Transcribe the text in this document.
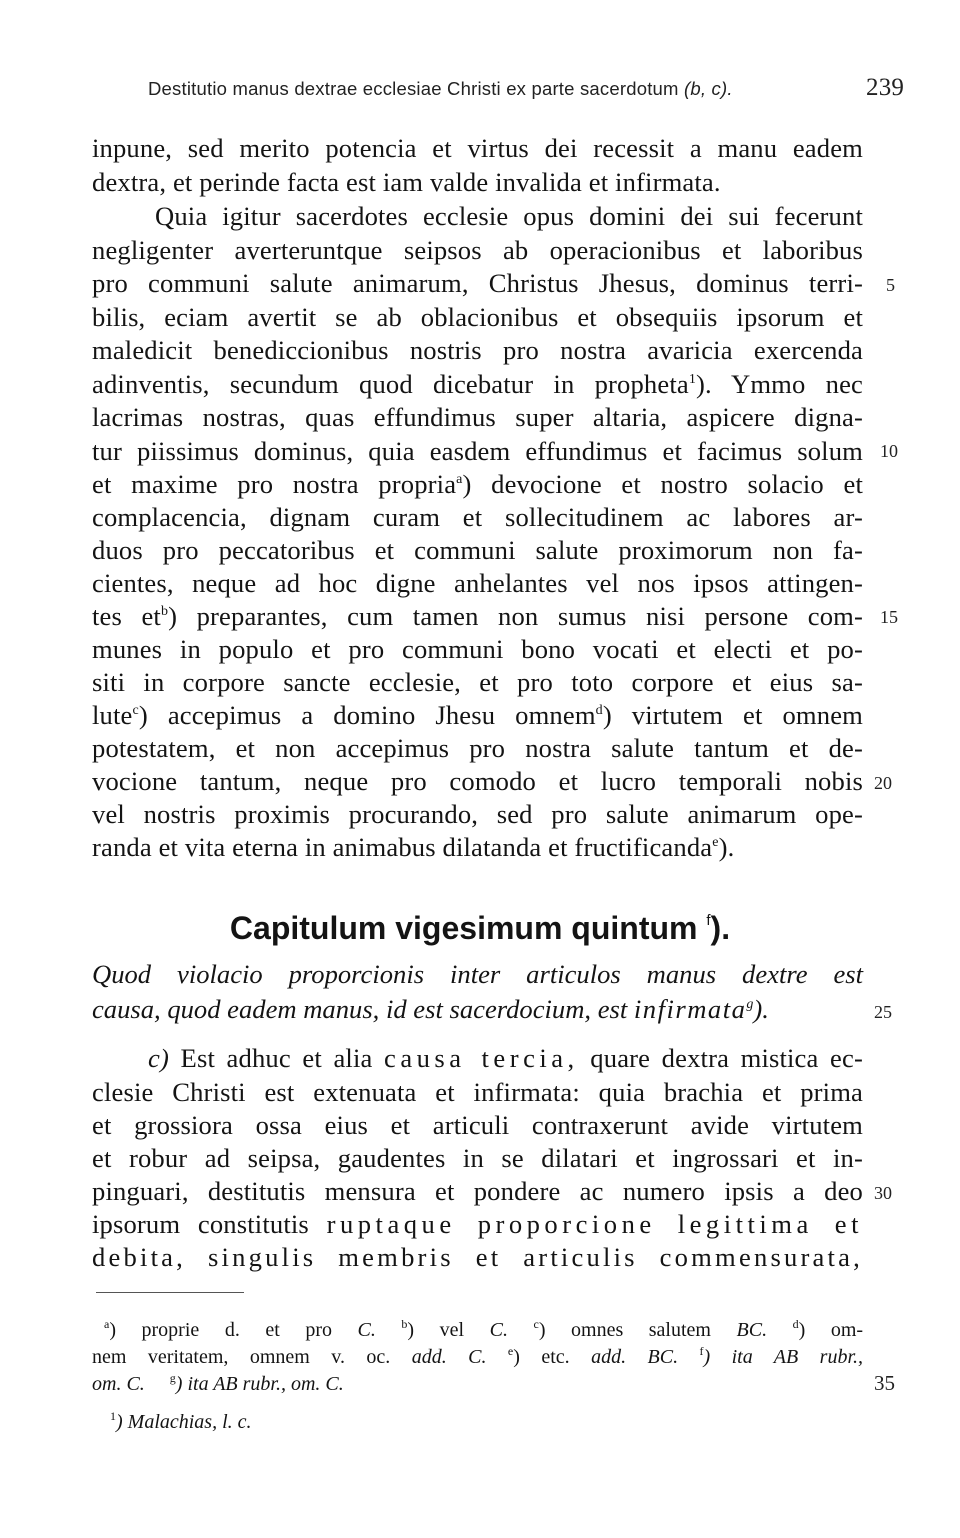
Destitutio manus dextrae ecclesiae Christi ex parte sacerdotum (b, c).	239
inpune, sed merito potencia et virtus dei recessit a manu eadem
dextra, et perinde facta est iam valde invalida et infirmata.
Quia igitur sacerdotes ecclesie opus domini dei sui fecerunt
negligenter averteruntque seipsos ab operacionibus et laboribus
pro communi salute animarum, Christus Jhesus, dominus terri-
bilis, eciam avertit se ab oblacionibus et obsequiis ipsorum et
maledicit benediccionibus nostris pro nostra avaricia exercenda
adinventis, secundum quod dicebatur in propheta$^1$). Ymmo nec
lacrimas nostras, quas effundimus super altaria, aspicere digna-
tur piissimus dominus, quia easdem effundimus et facimus solum
et maxime pro nostra propria$^a$) devocione et nostro solacio et
complacencia, dignam curam et sollecitudinem ac labores ar-
duos pro peccatoribus et communi salute proximorum non fa-
cientes, neque ad hoc digne anhelantes vel nos ipsos attingen-
tes $et^b$) preparantes, cum tamen non sumus nisi persone com-
munes in populo et pro communi bono vocati et electi et po-
siti in corpore sancte ecclesie, et pro toto corpore et eius sa-
lute$^c$) accepimus a domino Jhesu omnem$^d$) virtutem et omnem
potestatem, et non accepimus pro nostra salute tantum et de-
vocione tantum, neque pro comodo et lucro temporali nobis
vel nostris proximis procurando, sed pro salute animarum ope-
randa et vita eterna in animabus dilatanda et fructificanda$^e$).
Capitulum vigesimum quintum $^f$).
Quod violacio proporcionis inter articulos manus dextre est
causa, quod eadem manus, id est sacerdocium, est infirmata$^g$).
c) Est adhuc et alia causa tercia, quare dextra mistica ec-
clesie Christi est extenuata et infirmata: quia brachia et prima
et grossiora ossa eius et articuli contraxerunt avide virtutem
et robur ad seipsa, gaudentes in se dilatari et ingrossari et in-
pinguari, destitutis mensura et pondere ac numero ipsis a deo
ipsorum constitutis ruptaque proporcione legittima et
debita, singulis membris et articulis commensurata,
5
10
15
20
25
30
35
$^a$) proprie d. et pro C. $^b$) vel C. $^c$) omnes salutem BC. $^d$) om-
nem veritatem, omnem v. oc. add. C. $^e$) etc. add. BC. $^f$) ita AB rubr.,
om. C. $^g$) ita AB rubr., om. C.
$^1$) Malachias, l. c.
